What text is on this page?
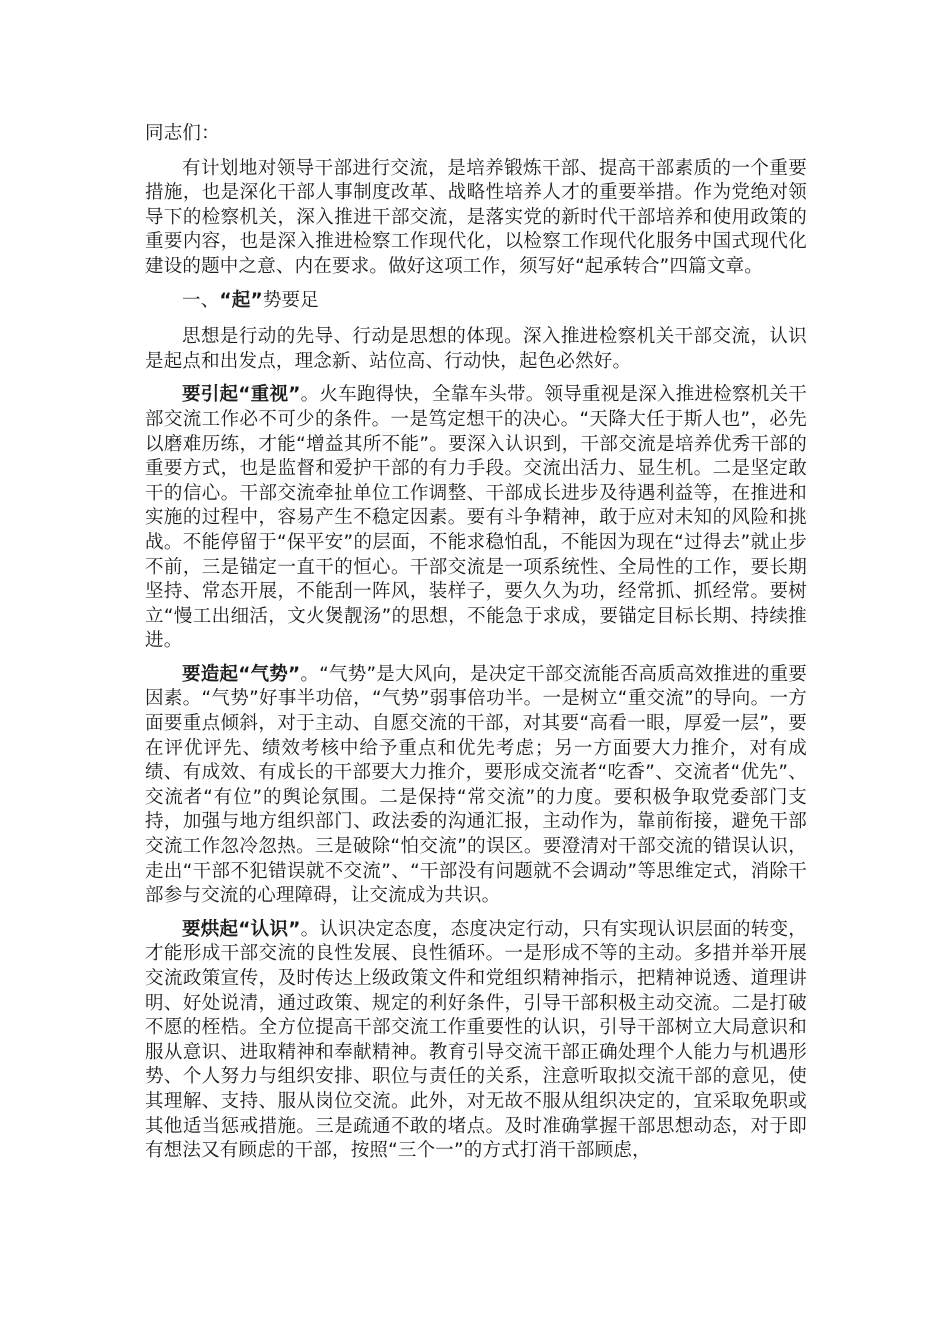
同志们：

有计划地对领导干部进行交流，是培养锻炼干部、提高干部素质的一个重要措施，也是深化干部人事制度改革、战略性培养人才的重要举措。作为党绝对领导下的检察机关，深入推进干部交流，是落实党的新时代干部培养和使用政策的重要内容，也是深入推进检察工作现代化，以检察工作现代化服务中国式现代化建设的题中之意、内在要求。做好这项工作，须写好“起承转合”四篇文章。

一、“起”势要足

思想是行动的先导、行动是思想的体现。深入推进检察机关干部交流，认识是起点和出发点，理念新、站位高、行动快，起色必然好。

要引起“重视”。火车跑得快，全靠车头带。领导重视是深入推进检察机关干部交流工作必不可少的条件。一是笃定想干的决心。“天降大任于斯人也”，必先以磨难历练，才能“增益其所不能”。要深入认识到，干部交流是培养优秀干部的重要方式，也是监督和爱护干部的有力手段。交流出活力、显生机。二是坚定敢干的信心。干部交流牵扯单位工作调整、干部成长进步及待遇利益等，在推进和实施的过程中，容易产生不稳定因素。要有斗争精神，敢于应对未知的风险和挑战。不能停留于“保平安”的层面，不能求稳怕乱，不能因为现在“过得去”就止步不前，三是锚定一直干的恒心。干部交流是一项系统性、全局性的工作，要长期坚持、常态开展，不能刮一阵风，装样子，要久久为功，经常抓、抓经常。要树立“慢工出细活，文火煲靓汤”的思想，不能急于求成，要锚定目标长期、持续推进。

要造起“气势”。“气势”是大风向，是决定干部交流能否高质高效推进的重要因素。“气势”好事半功倍，“气势”弱事倍功半。一是树立“重交流”的导向。一方面要重点倾斜，对于主动、自愿交流的干部，对其要“高看一眼，厚爱一层”，要在评优评先、绩效考核中给予重点和优先考虑；另一方面要大力推介，对有成绩、有成效、有成长的干部要大力推介，要形成交流者“吃香”、交流者“优先”、交流者“有位”的舆论氛围。二是保持“常交流”的力度。要积极争取党委部门支持，加强与地方组织部门、政法委的沟通汇报，主动作为，靠前衔接，避免干部交流工作忽冷忽热。三是破除“怕交流”的误区。要澄清对干部交流的错误认识，走出“干部不犯错误就不交流”、“干部没有问题就不会调动”等思维定式，消除干部参与交流的心理障碍，让交流成为共识。

要烘起“认识”。认识决定态度，态度决定行动，只有实现认识层面的转变，才能形成干部交流的良性发展、良性循环。一是形成不等的主动。多措并举开展交流政策宣传，及时传达上级政策文件和党组织精神指示，把精神说透、道理讲明、好处说清，通过政策、规定的利好条件，引导干部积极主动交流。二是打破不愿的桎梏。全方位提高干部交流工作重要性的认识，引导干部树立大局意识和服从意识、进取精神和奉献精神。教育引导交流干部正确处理个人能力与机遇形势、个人努力与组织安排、职位与责任的关系，注意听取拟交流干部的意见，使其理解、支持、服从岗位交流。此外，对无故不服从组织决定的，宜采取免职或其他适当惩戒措施。三是疏通不敢的堵点。及时准确掌握干部思想动态，对于即有想法又有顾虑的干部，按照“三个一”的方式打消干部顾虑，
